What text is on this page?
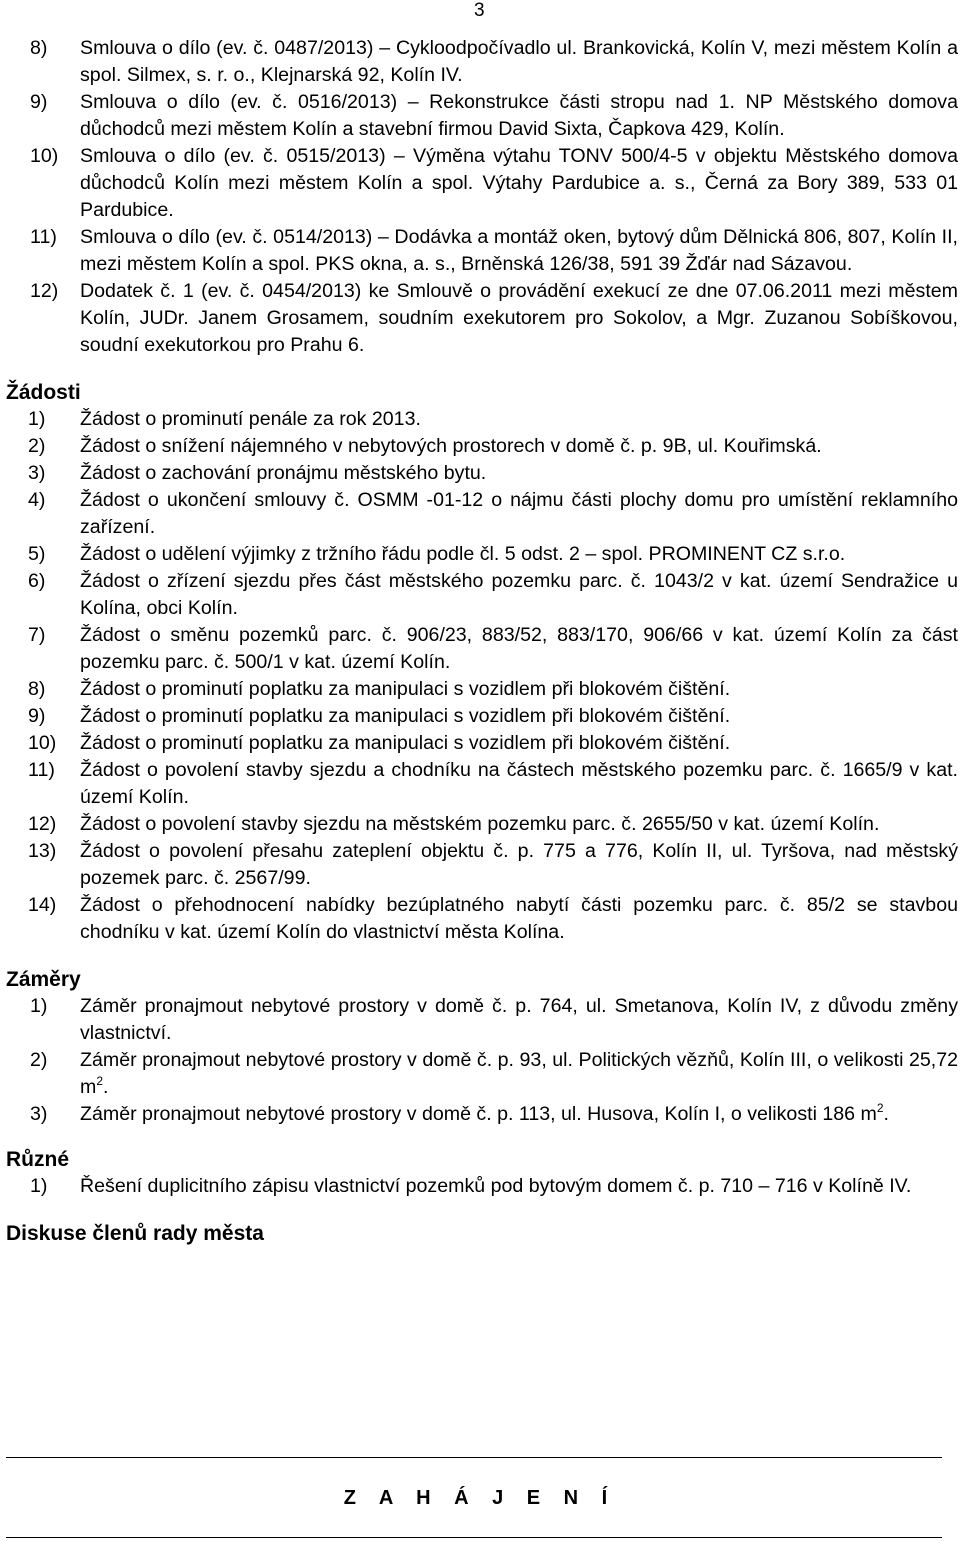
3
8) Smlouva o dílo (ev. č. 0487/2013) – Cykloodpočívadlo ul. Brankovická, Kolín V, mezi městem Kolín a spol. Silmex, s. r. o., Klejnarská 92, Kolín IV.
9) Smlouva o dílo (ev. č. 0516/2013) – Rekonstrukce části stropu nad 1. NP Městského domova důchodců mezi městem Kolín a stavební firmou David Sixta, Čapkova 429, Kolín.
10) Smlouva o dílo (ev. č. 0515/2013) – Výměna výtahu TONV 500/4-5 v objektu Městského domova důchodců Kolín mezi městem Kolín a spol. Výtahy Pardubice a. s., Černá za Bory 389, 533 01 Pardubice.
11) Smlouva o dílo (ev. č. 0514/2013) – Dodávka a montáž oken, bytový dům Dělnická 806, 807, Kolín II, mezi městem Kolín a spol. PKS okna, a. s., Brněnská 126/38, 591 39 Žďár nad Sázavou.
12) Dodatek č. 1 (ev. č. 0454/2013) ke Smlouvě o provádění exekucí ze dne 07.06.2011 mezi městem Kolín, JUDr. Janem Grosamem, soudním exekutorem pro Sokolov, a Mgr. Zuzanou Sobíškovou, soudní exekutorkou pro Prahu 6.
Žádosti
1) Žádost o prominutí penále za rok 2013.
2) Žádost o snížení nájemného v nebytových prostorech v domě č. p. 9B, ul. Kouřimská.
3) Žádost o zachování pronájmu městského bytu.
4) Žádost o ukončení smlouvy č. OSMM -01-12 o nájmu části plochy domu pro umístění reklamního zařízení.
5) Žádost o udělení výjimky z tržního řádu podle čl. 5 odst. 2 – spol. PROMINENT CZ s.r.o.
6) Žádost o zřízení sjezdu přes část městského pozemku parc. č. 1043/2 v kat. území Sendražice u Kolína, obci Kolín.
7) Žádost o směnu pozemků parc. č. 906/23, 883/52, 883/170, 906/66 v kat. území Kolín za část pozemku parc. č. 500/1 v kat. území Kolín.
8) Žádost o prominutí poplatku za manipulaci s vozidlem při blokovém čištění.
9) Žádost o prominutí poplatku za manipulaci s vozidlem při blokovém čištění.
10) Žádost o prominutí poplatku za manipulaci s vozidlem při blokovém čištění.
11) Žádost o povolení stavby sjezdu a chodníku na částech městského pozemku parc. č. 1665/9 v kat. území Kolín.
12) Žádost o povolení stavby sjezdu na městském pozemku parc. č. 2655/50 v kat. území Kolín.
13) Žádost o povolení přesahu zateplení objektu č. p. 775 a 776, Kolín II, ul. Tyršova, nad městský pozemek parc. č. 2567/99.
14) Žádost o přehodnocení nabídky bezúplatného nabytí části pozemku parc. č. 85/2 se stavbou chodníku v kat. území Kolín do vlastnictví města Kolína.
Záměry
1) Záměr pronajmout nebytové prostory v domě č. p. 764, ul. Smetanova, Kolín IV, z důvodu změny vlastnictví.
2) Záměr pronajmout nebytové prostory v domě č. p. 93, ul. Politických vězňů, Kolín III, o velikosti 25,72 $m^2$.
3) Záměr pronajmout nebytové prostory v domě č. p. 113, ul. Husova, Kolín I, o velikosti 186 $m^2$.
Různé
1) Řešení duplicitního zápisu vlastnictví pozemků pod bytovým domem č. p. 710 – 716 v Kolíně IV.
Diskuse členů rady města
Z A H Á J E N Í
